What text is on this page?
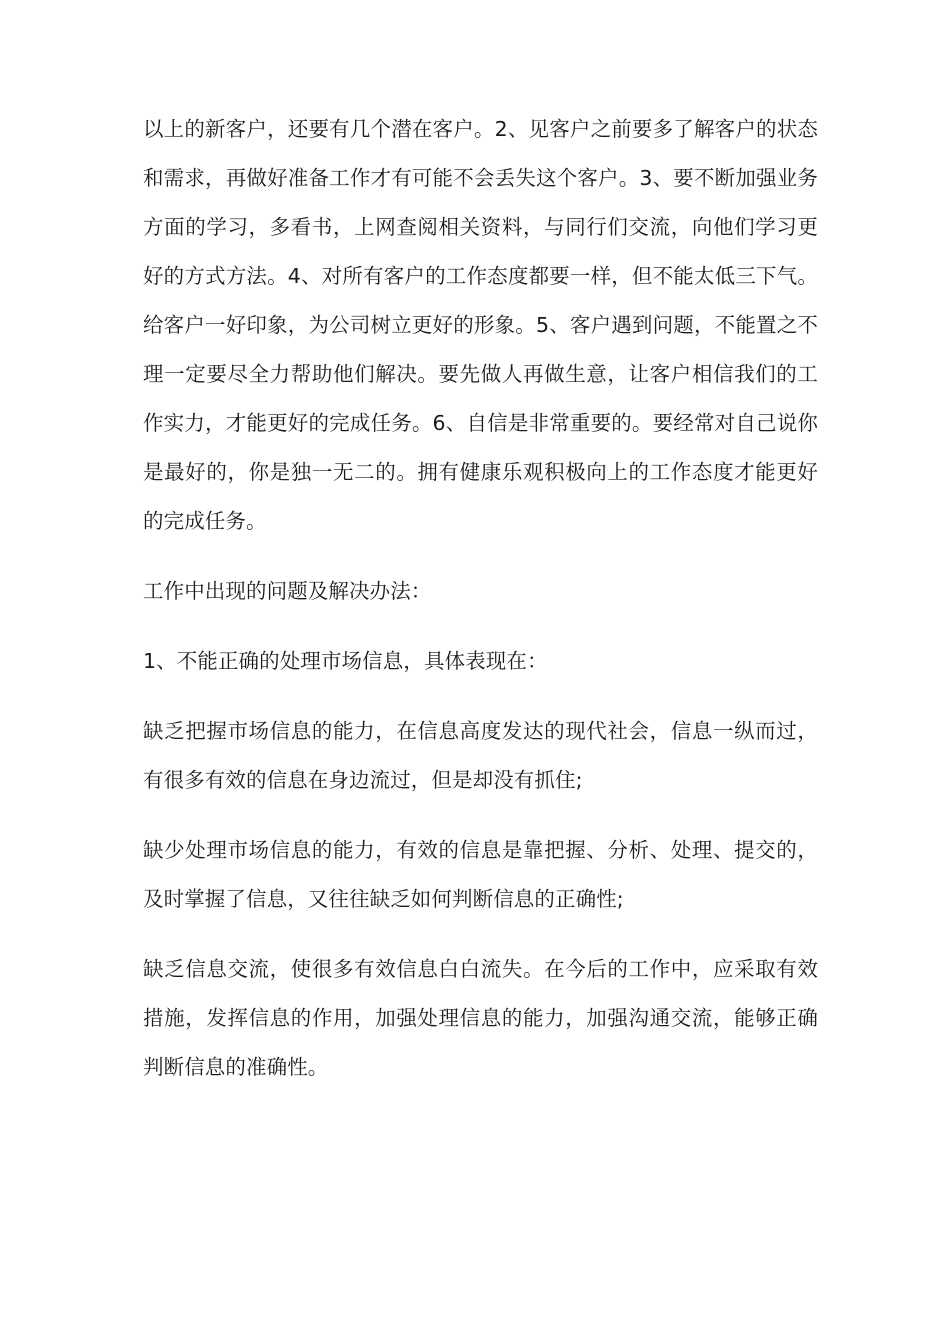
以上的新客户，还要有几个潜在客户。2、见客户之前要多了解客户的状态和需求，再做好准备工作才有可能不会丢失这个客户。3、要不断加强业务方面的学习，多看书，上网查阅相关资料，与同行们交流，向他们学习更好的方式方法。4、对所有客户的工作态度都要一样，但不能太低三下气。给客户一好印象，为公司树立更好的形象。5、客户遇到问题，不能置之不理一定要尽全力帮助他们解决。要先做人再做生意，让客户相信我们的工作实力，才能更好的完成任务。6、自信是非常重要的。要经常对自己说你是最好的，你是独一无二的。拥有健康乐观积极向上的工作态度才能更好的完成任务。

工作中出现的问题及解决办法：

1、不能正确的处理市场信息，具体表现在：

缺乏把握市场信息的能力，在信息高度发达的现代社会，信息一纵而过，有很多有效的信息在身边流过，但是却没有抓住;

缺少处理市场信息的能力，有效的信息是靠把握、分析、处理、提交的，及时掌握了信息，又往往缺乏如何判断信息的正确性;

缺乏信息交流，使很多有效信息白白流失。在今后的工作中，应采取有效措施，发挥信息的作用，加强处理信息的能力，加强沟通交流，能够正确判断信息的准确性。
